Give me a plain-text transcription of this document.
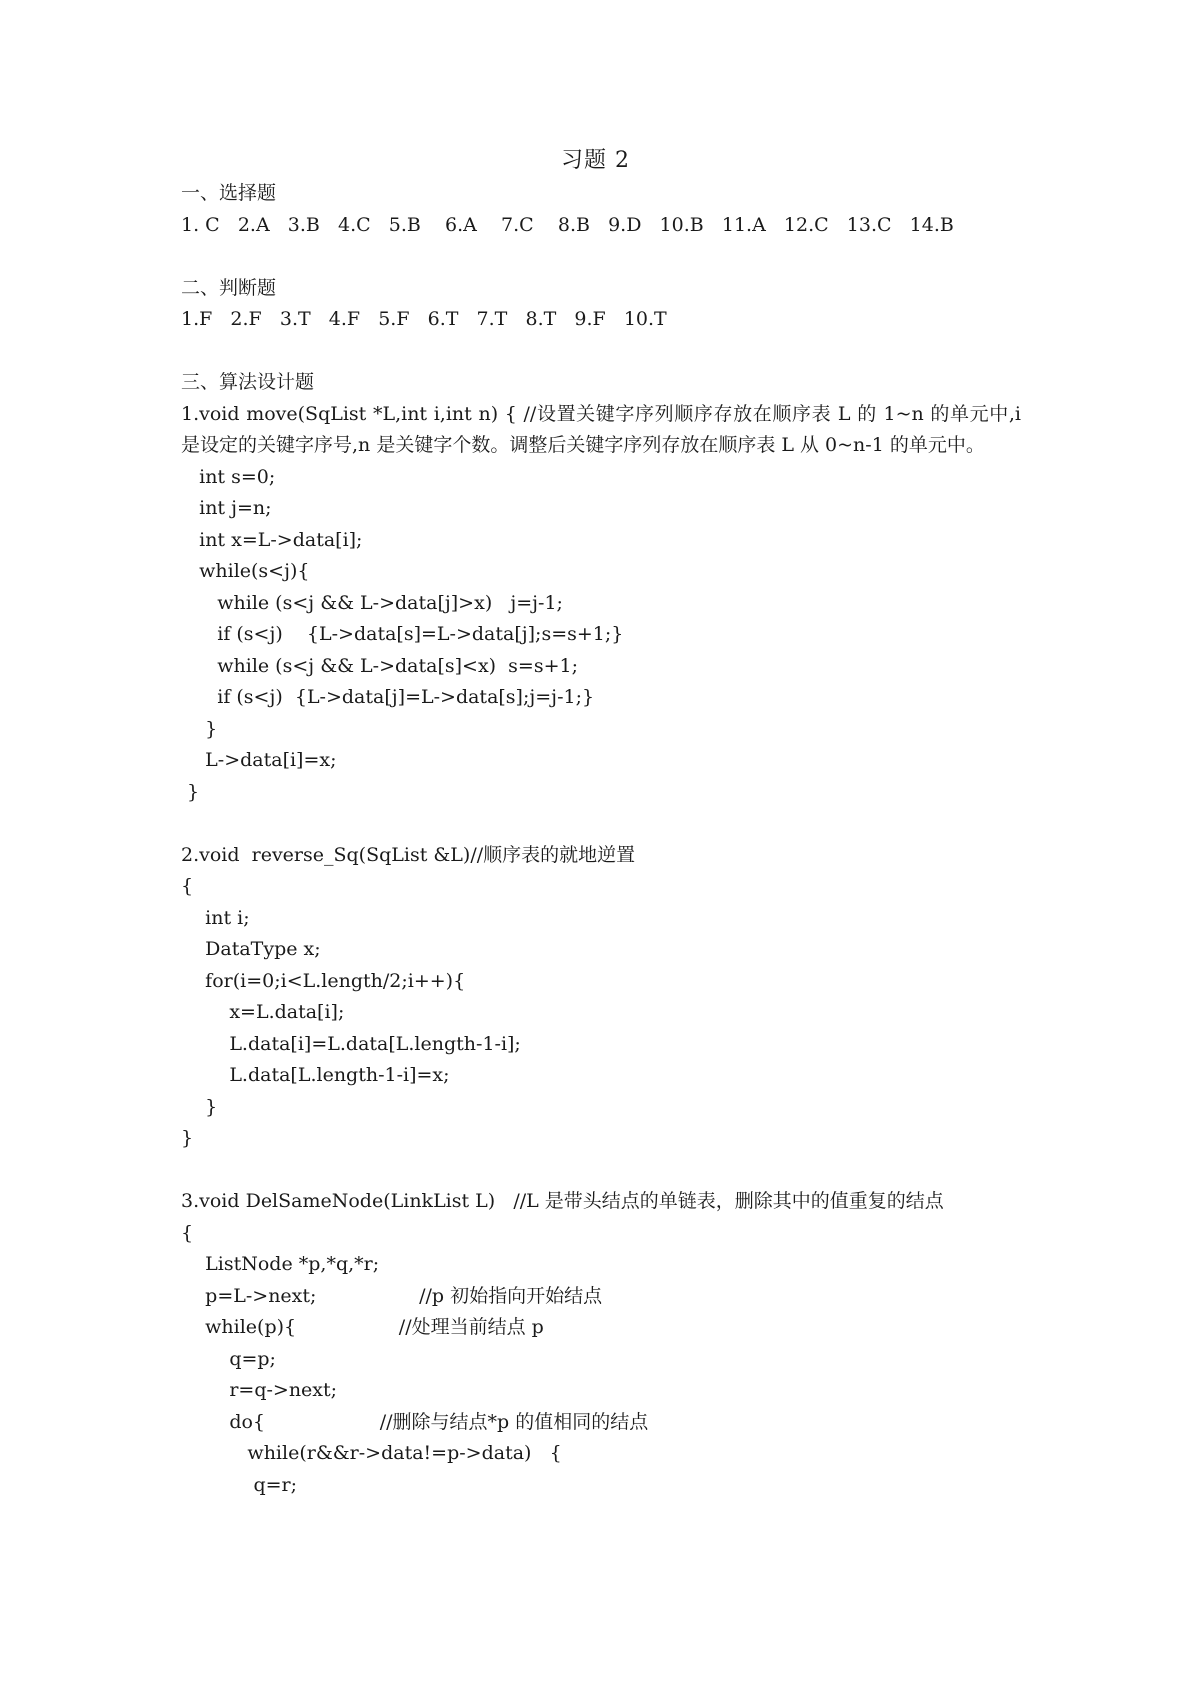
习题 2
一、选择题
1. C   2.A   3.B   4.C   5.B    6.A    7.C    8.B   9.D   10.B   11.A   12.C   13.C   14.B
二、判断题
1.F   2.F   3.T   4.F   5.F   6.T   7.T   8.T   9.F   10.T
三、算法设计题
1.void move(SqList *L,int i,int n) { //设置关键字序列顺序存放在顺序表 L 的 1~n 的单元中,i 是设定的关键字序号,n 是关键字个数。调整后关键字序列存放在顺序表 L 从 0~n-1 的单元中。
int s=0;
int j=n;
int x=L->data[i];
while(s<j){
while (s<j && L->data[j]>x)   j=j-1;
if (s<j)    {L->data[s]=L->data[j];s=s+1;}
while (s<j && L->data[s]<x)  s=s+1;
if (s<j)  {L->data[j]=L->data[s];j=j-1;}
}
L->data[i]=x;
}
2.void  reverse_Sq(SqList &L)//顺序表的就地逆置
{
int i;
DataType x;
for(i=0;i<L.length/2;i++){
x=L.data[i];
L.data[i]=L.data[L.length-1-i];
L.data[L.length-1-i]=x;
}
}
3.void DelSameNode(LinkList L)   //L 是带头结点的单链表，删除其中的值重复的结点
{
ListNode *p,*q,*r;
p=L->next;                 //p 初始指向开始结点
while(p){                 //处理当前结点 p
q=p;
r=q->next;
do{                   //删除与结点*p 的值相同的结点
while(r&&r->data!=p->data)   {
q=r;
